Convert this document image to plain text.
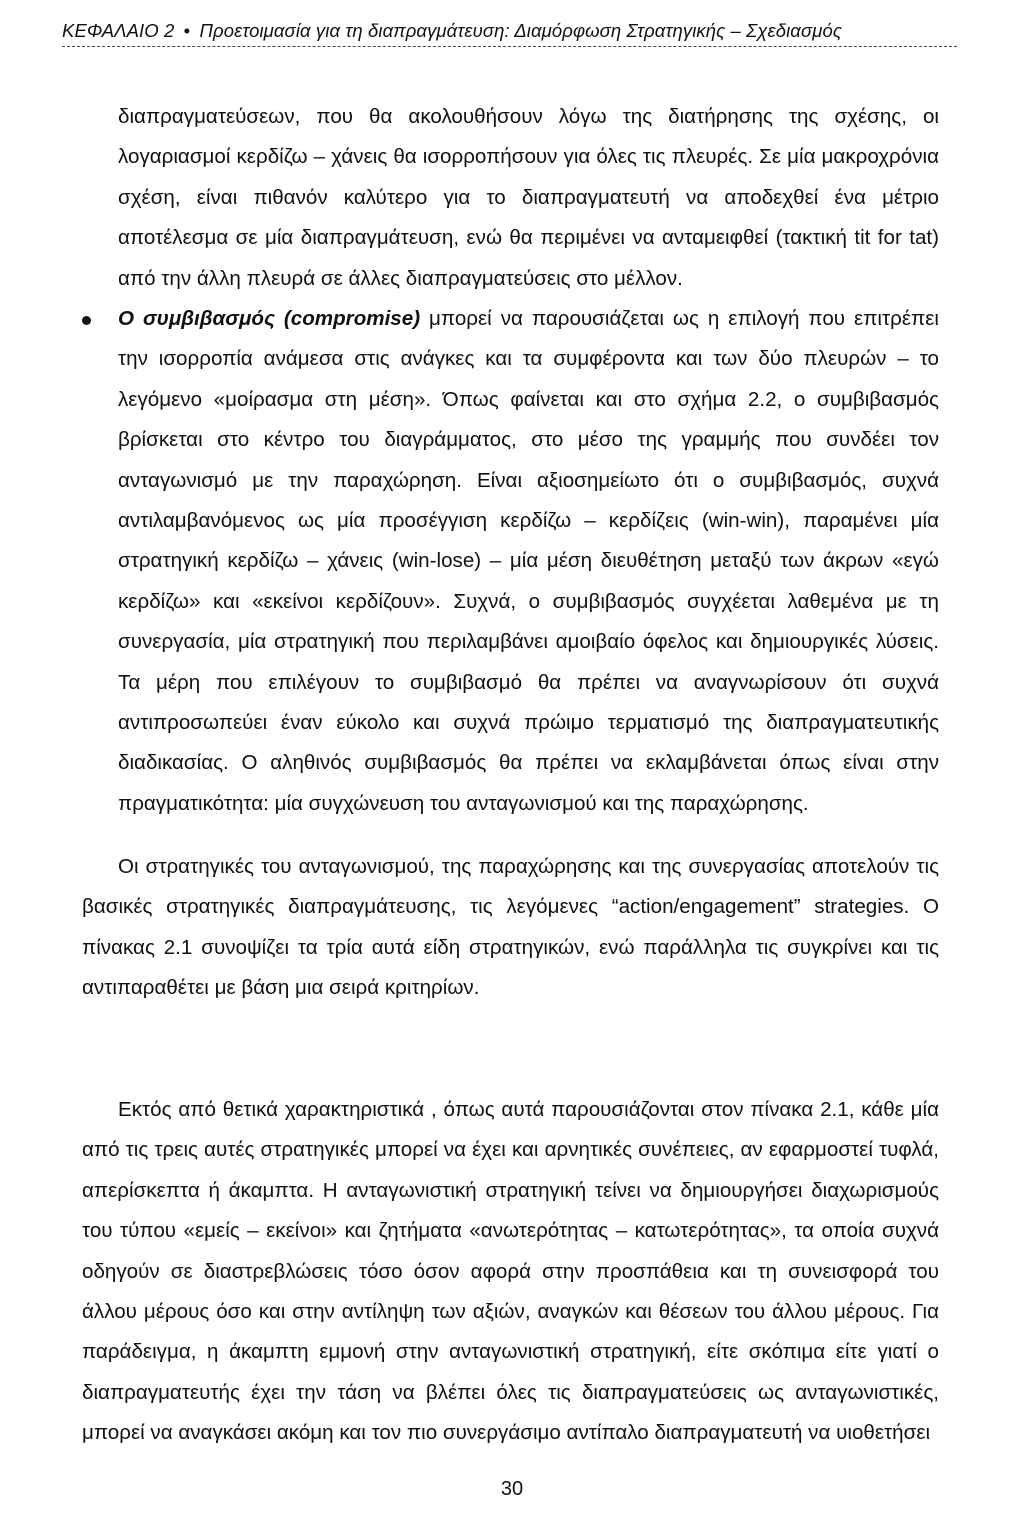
ΚΕΦΑΛΑΙΟ 2 • Προετοιμασία για τη διαπραγμάτευση: Διαμόρφωση Στρατηγικής – Σχεδιασμός

διαπραγματεύσεων, που θα ακολουθήσουν λόγω της διατήρησης της σχέσης, οι λογαριασμοί κερδίζω – χάνεις θα ισορροπήσουν για όλες τις πλευρές. Σε μία μακροχρόνια σχέση, είναι πιθανόν καλύτερο για το διαπραγματευτή να αποδεχθεί ένα μέτριο αποτέλεσμα σε μία διαπραγμάτευση, ενώ θα περιμένει να ανταμειφθεί (τακτική tit for tat) από την άλλη πλευρά σε άλλες διαπραγματεύσεις στο μέλλον.

Ο συμβιβασμός (compromise) μπορεί να παρουσιάζεται ως η επιλογή που επιτρέπει την ισορροπία ανάμεσα στις ανάγκες και τα συμφέροντα και των δύο πλευρών – το λεγόμενο «μοίρασμα στη μέση». Όπως φαίνεται και στο σχήμα 2.2, ο συμβιβασμός βρίσκεται στο κέντρο του διαγράμματος, στο μέσο της γραμμής που συνδέει τον ανταγωνισμό με την παραχώρηση. Είναι αξιοσημείωτο ότι ο συμβιβασμός, συχνά αντιλαμβανόμενος ως μία προσέγγιση κερδίζω – κερδίζεις (win-win), παραμένει μία στρατηγική κερδίζω – χάνεις (win-lose) – μία μέση διευθέτηση μεταξύ των άκρων «εγώ κερδίζω» και «εκείνοι κερδίζουν». Συχνά, ο συμβιβασμός συγχέεται λαθεμένα με τη συνεργασία, μία στρατηγική που περιλαμβάνει αμοιβαίο όφελος και δημιουργικές λύσεις. Τα μέρη που επιλέγουν το συμβιβασμό θα πρέπει να αναγνωρίσουν ότι συχνά αντιπροσωπεύει έναν εύκολο και συχνά πρώιμο τερματισμό της διαπραγματευτικής διαδικασίας. Ο αληθινός συμβιβασμός θα πρέπει να εκλαμβάνεται όπως είναι στην πραγματικότητα: μία συγχώνευση του ανταγωνισμού και της παραχώρησης.

Οι στρατηγικές του ανταγωνισμού, της παραχώρησης και της συνεργασίας αποτελούν τις βασικές στρατηγικές διαπραγμάτευσης, τις λεγόμενες “action/engagement” strategies. Ο πίνακας 2.1 συνοψίζει τα τρία αυτά είδη στρατηγικών, ενώ παράλληλα τις συγκρίνει και τις αντιπαραθέτει με βάση μια σειρά κριτηρίων.

Εκτός από θετικά χαρακτηριστικά , όπως αυτά παρουσιάζονται στον πίνακα 2.1, κάθε μία από τις τρεις αυτές στρατηγικές μπορεί να έχει και αρνητικές συνέπειες, αν εφαρμοστεί τυφλά, απερίσκεπτα ή άκαμπτα. Η ανταγωνιστική στρατηγική τείνει να δημιουργήσει διαχωρισμούς του τύπου «εμείς – εκείνοι» και ζητήματα «ανωτερότητας – κατωτερότητας», τα οποία συχνά οδηγούν σε διαστρεβλώσεις τόσο όσον αφορά στην προσπάθεια και τη συνεισφορά του άλλου μέρους όσο και στην αντίληψη των αξιών, αναγκών και θέσεων του άλλου μέρους. Για παράδειγμα, η άκαμπτη εμμονή στην ανταγωνιστική στρατηγική, είτε σκόπιμα είτε γιατί ο διαπραγματευτής έχει την τάση να βλέπει όλες τις διαπραγματεύσεις ως ανταγωνιστικές, μπορεί να αναγκάσει ακόμη και τον πιο συνεργάσιμο αντίπαλο διαπραγματευτή να υιοθετήσει

30
